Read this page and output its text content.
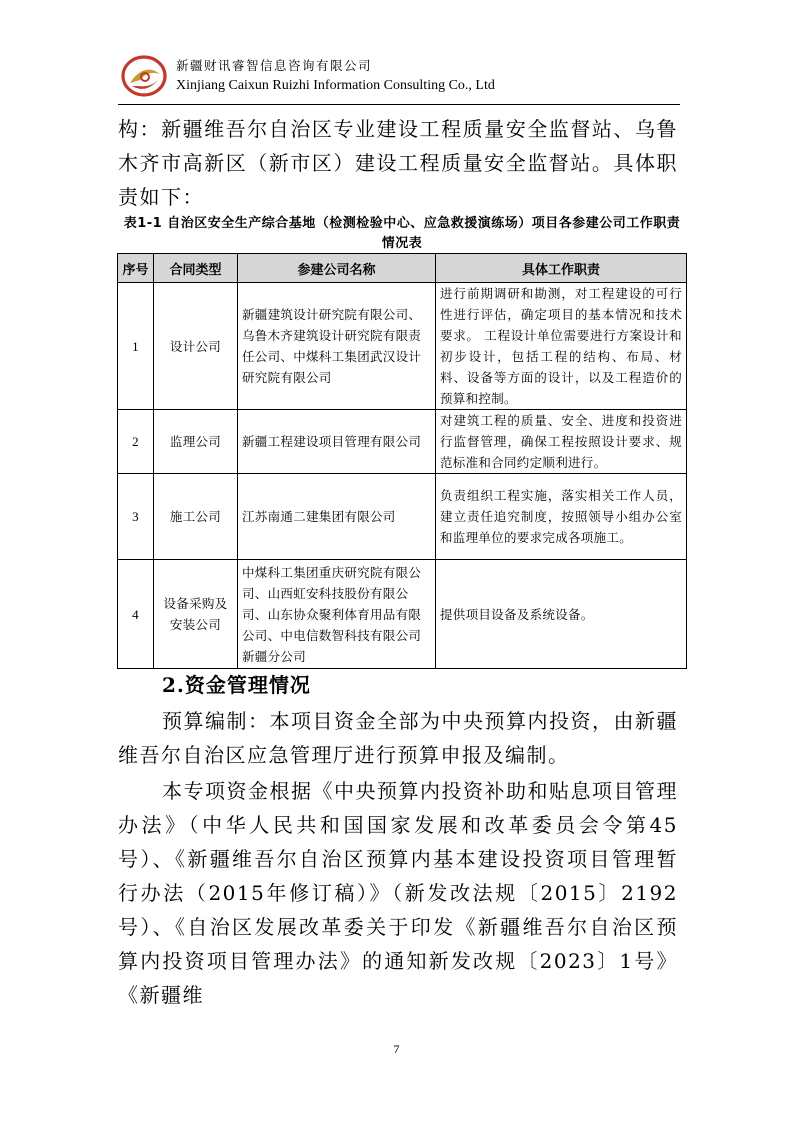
新疆财讯睿智信息咨询有限公司
Xinjiang Caixun Ruizhi Information Consulting Co., Ltd

构：新疆维吾尔自治区专业建设工程质量安全监督站、乌鲁木齐市高新区（新市区）建设工程质量安全监督站。具体职责如下：

表1-1 自治区安全生产综合基地（检测检验中心、应急救援演练场）项目各参建公司工作职责情况表
序号	合同类型	参建公司名称	具体工作职责
1	设计公司	新疆建筑设计研究院有限公司、乌鲁木齐建筑设计研究院有限责任公司、中煤科工集团武汉设计研究院有限公司	进行前期调研和勘测，对工程建设的可行性进行评估，确定项目的基本情况和技术要求。 工程设计单位需要进行方案设计和初步设计，包括工程的结构、布局、材料、设备等方面的设计，以及工程造价的预算和控制。
2	监理公司	新疆工程建设项目管理有限公司	对建筑工程的质量、安全、进度和投资进行监督管理，确保工程按照设计要求、规范标准和合同约定顺利进行。
3	施工公司	江苏南通二建集团有限公司	负责组织工程实施，落实相关工作人员，建立责任追究制度，按照领导小组办公室和监理单位的要求完成各项施工。
4	设备采购及安装公司	中煤科工集团重庆研究院有限公司、山西虹安科技股份有限公司、山东协众聚利体育用品有限公司、中电信数智科技有限公司新疆分公司	提供项目设备及系统设备。
2.资金管理情况

预算编制：本项目资金全部为中央预算内投资，由新疆维吾尔自治区应急管理厅进行预算申报及编制。

本专项资金根据《中央预算内投资补助和贴息项目管理办法》（中华人民共和国国家发展和改革委员会令第45号）、《新疆维吾尔自治区预算内基本建设投资项目管理暂行办法（2015年修订稿）》（新发改法规〔2015〕2192号）、《自治区发展改革委关于印发《新疆维吾尔自治区预算内投资项目管理办法》的通知新发改规〔2023〕1号》《新疆维

7
